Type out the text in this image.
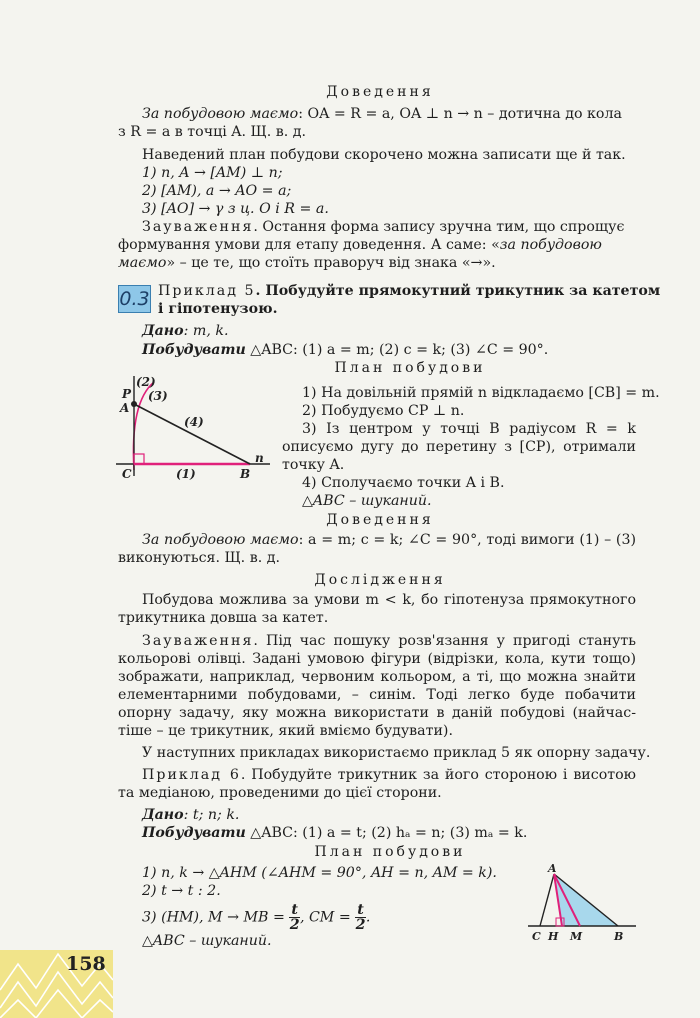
Доведення
За побудовою маємо: OA = R = a, OA ⊥ n → n – дотична до кола
з R = a в точці A. Щ. в. д.
Наведений план побудови скорочено можна записати ще й так.
1) n, A → [AM) ⊥ n;
2) [AM), a → AO = a;
3) [AO] → γ з ц. O і R = a.
Зауваження. Остання форма запису зручна тим, що спрощує
формування умови для етапу доведення. А саме: «за побудовою
маємо» – це те, що стоїть праворуч від знака «→».
0.3 Приклад 5. Побудуйте прямокутний трикутник за катетом
і гіпотенузою.
Дано: m, k.
Побудувати △ABC: (1) a = m; (2) c = k; (3) ∠C = 90°.
План побудови
P
A
C	B
n
(1)
(2)
(3)
(4)
1) На довільній прямій n відкладаємо [CB] = m.
2) Побудуємо CP ⊥ n.
3) Із центром у точці B радіусом R = k
описуємо дугу до перетину з [CP), отримали
точку A.
4) Сполучаємо точки A і B.
△ABC – шуканий.
Доведення
За побудовою маємо: a = m; c = k; ∠C = 90°, тоді вимоги (1) – (3)
виконуються. Щ. в. д.
Дослідження
Побудова можлива за умови m < k, бо гіпотенуза прямокутного
трикутника довша за катет.
Зауваження. Під час пошуку розв'язання у пригоді стануть
кольорові олівці. Задані умовою фігури (відрізки, кола, кути тощо)
зображати, наприклад, червоним кольором, а ті, що можна знайти
елементарними побудовами, – синім. Тоді легко буде побачити
опорну задачу, яку можна використати в даній побудові (найчас-
тіше – це трикутник, який вміємо будувати).
У наступних прикладах використаємо приклад 5 як опорну задачу.
Приклад 6. Побудуйте трикутник за його стороною і висотою
та медіаною, проведеними до цієї сторони.
Дано: t; n; k.
Побудувати △ABC: (1) a = t; (2) hₐ = n; (3) mₐ = k.
План побудови
1) n, k → △AHM (∠AHM = 90°, AH = n, AM = k).
2) t → t : 2.
3) (HM), M → MB = $\frac{t}{2}$ , CM = $\frac{t}{2}$ .
△ABC – шуканий.
A
C H M	B
158
